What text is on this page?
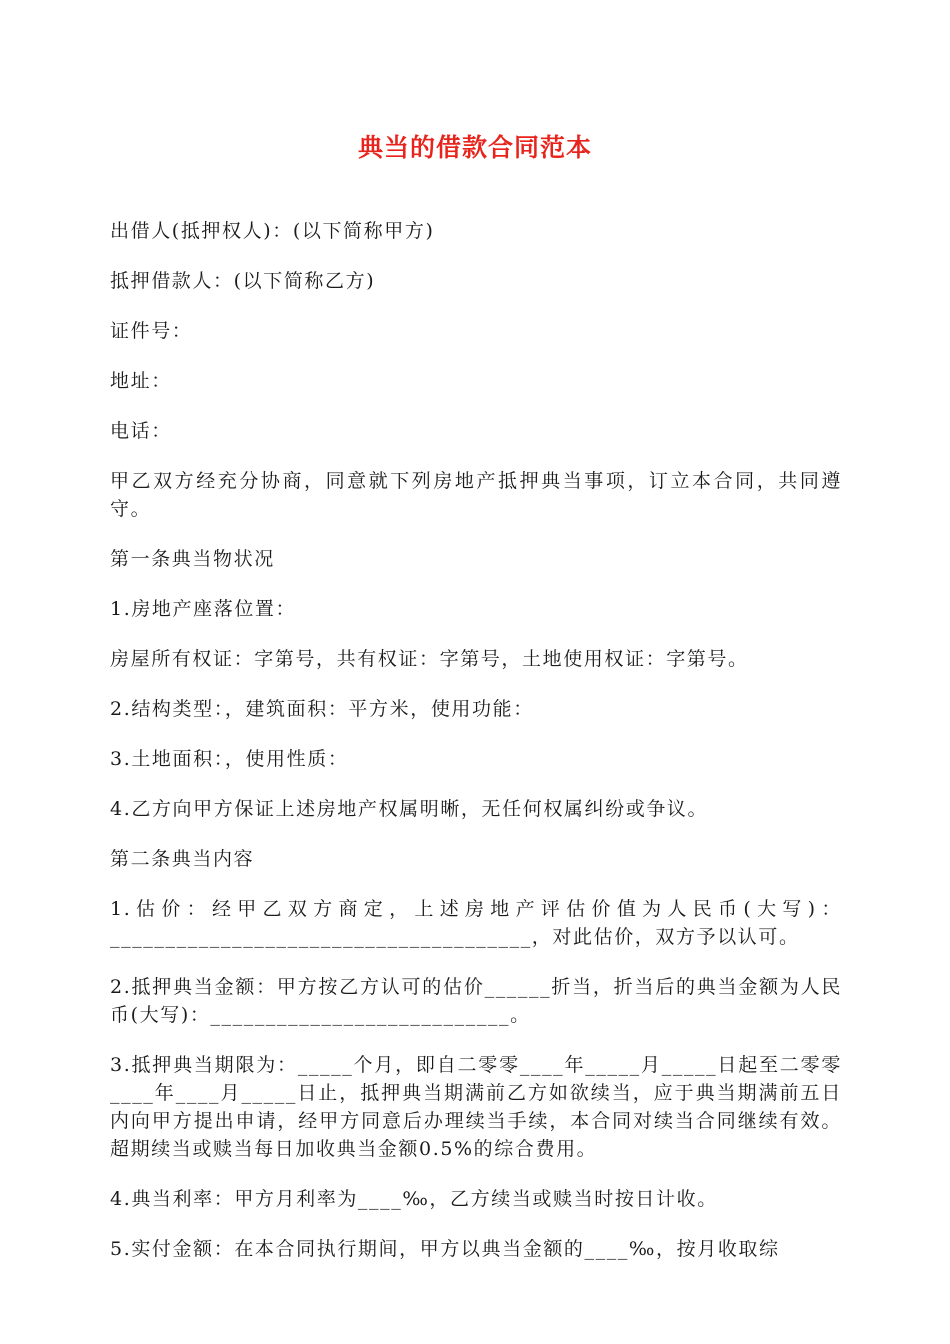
典当的借款合同范本

出借人(抵押权人)：(以下简称甲方)

抵押借款人：(以下简称乙方)

证件号：

地址：

电话：

甲乙双方经充分协商，同意就下列房地产抵押典当事项，订立本合同，共同遵守。

第一条典当物状况

1.房地产座落位置：

房屋所有权证：字第号，共有权证：字第号，土地使用权证：字第号。

2.结构类型：，建筑面积：平方米，使用功能：

3.土地面积：，使用性质：

4.乙方向甲方保证上述房地产权属明晰，无任何权属纠纷或争议。

第二条典当内容

1.估价：经甲乙双方商定，上述房地产评估价值为人民币(大写)：______________________________________，对此估价，双方予以认可。

2.抵押典当金额：甲方按乙方认可的估价______折当，折当后的典当金额为人民币(大写)：___________________________。

3.抵押典当期限为：_____个月，即自二零零____年_____月_____日起至二零零____年____月_____日止，抵押典当期满前乙方如欲续当，应于典当期满前五日内向甲方提出申请，经甲方同意后办理续当手续，本合同对续当合同继续有效。超期续当或赎当每日加收典当金额0.5%的综合费用。

4.典当利率：甲方月利率为____‰，乙方续当或赎当时按日计收。

5.实付金额：在本合同执行期间，甲方以典当金额的____‰，按月收取综
